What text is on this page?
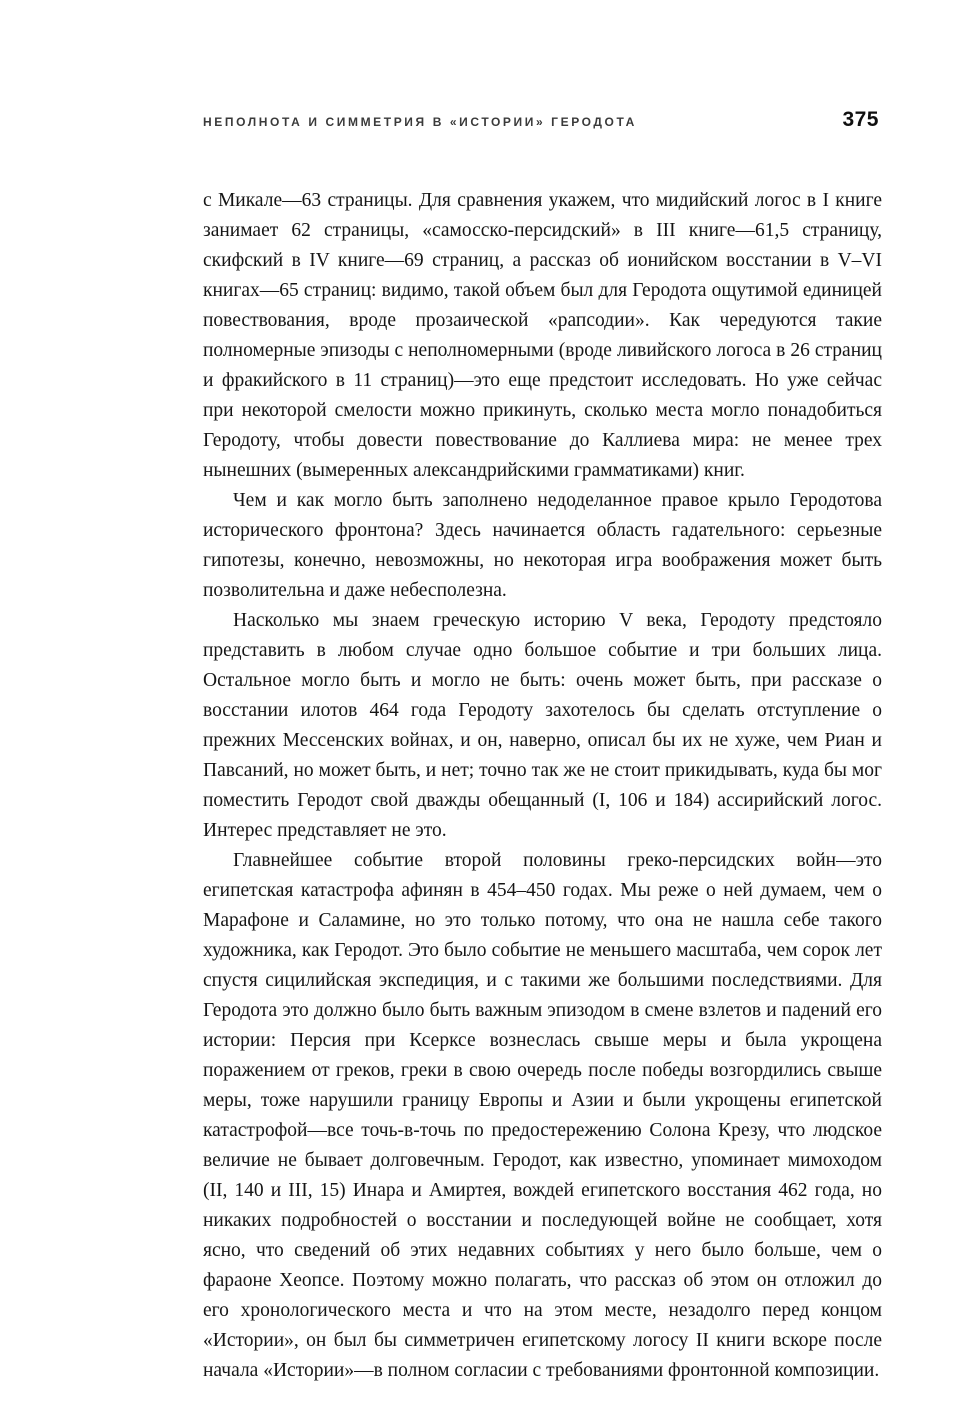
НЕПОЛНОТА И СИММЕТРИЯ В «ИСТОРИИ» ГЕРОДОТА	375

с Микале—63 страницы. Для сравнения укажем, что мидийский логос в I книге занимает 62 страницы, «самосско-персидский» в III книге—61,5 страницу, скифский в IV книге—69 страниц, а рассказ об ионийском восстании в V–VI книгах—65 страниц: видимо, такой объем был для Геродота ощутимой единицей повествования, вроде прозаической «рапсодии». Как чередуются такие полномерные эпизоды с неполномерными (вроде ливийского логоса в 26 страниц и фракийского в 11 страниц)—это еще предстоит исследовать. Но уже сейчас при некоторой смелости можно прикинуть, сколько места могло понадобиться Геродоту, чтобы довести повествование до Каллиева мира: не менее трех нынешних (вымеренных александрийскими грамматиками) книг.

Чем и как могло быть заполнено недоделанное правое крыло Геродотова исторического фронтона? Здесь начинается область гадательного: серьезные гипотезы, конечно, невозможны, но некоторая игра воображения может быть позволительна и даже небесполезна.

Насколько мы знаем греческую историю V века, Геродоту предстояло представить в любом случае одно большое событие и три больших лица. Остальное могло быть и могло не быть: очень может быть, при рассказе о восстании илотов 464 года Геродоту захотелось бы сделать отступление о прежних Мессенских войнах, и он, наверно, описал бы их не хуже, чем Риан и Павсаний, но может быть, и нет; точно так же не стоит прикидывать, куда бы мог поместить Геродот свой дважды обещанный (I, 106 и 184) ассирийский логос. Интерес представляет не это.

Главнейшее событие второй половины греко-персидских войн—это египетская катастрофа афинян в 454–450 годах. Мы реже о ней думаем, чем о Марафоне и Саламине, но это только потому, что она не нашла себе такого художника, как Геродот. Это было событие не меньшего масштаба, чем сорок лет спустя сицилийская экспедиция, и с такими же большими последствиями. Для Геродота это должно было быть важным эпизодом в смене взлетов и падений его истории: Персия при Ксерксе вознеслась свыше меры и была укрощена поражением от греков, греки в свою очередь после победы возгордились свыше меры, тоже нарушили границу Европы и Азии и были укрощены египетской катастрофой—все точь-в-точь по предостережению Солона Крезу, что людское величие не бывает долговечным. Геродот, как известно, упоминает мимоходом (II, 140 и III, 15) Инара и Амиртея, вождей египетского восстания 462 года, но никаких подробностей о восстании и последующей войне не сообщает, хотя ясно, что сведений об этих недавних событиях у него было больше, чем о фараоне Хеопсе. Поэтому можно полагать, что рассказ об этом он отложил до его хронологического места и что на этом месте, незадолго перед концом «Истории», он был бы симметричен египетскому логосу II книги вскоре после начала «Истории»—в полном согласии с требованиями фронтонной композиции.
